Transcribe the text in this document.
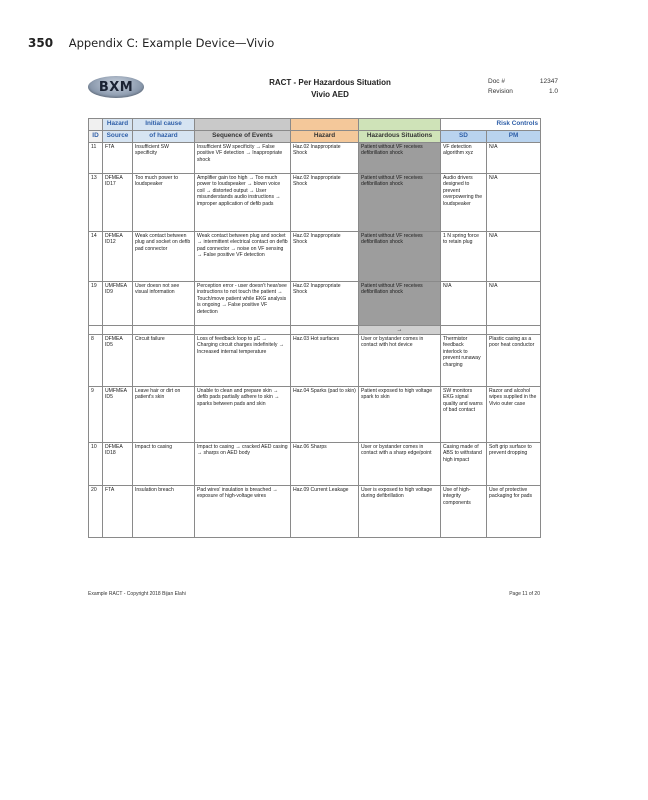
350 Appendix C: Example Device—Vivio
BXM	RACT - Per Hazardous Situation
Vivio AED
Doc #	12347
Revision	1.0
	Hazard	Initial cause				Risk Controls	
ID	Source	of hazard	Sequence of Events	Hazard	Hazardous Situations	SD	PM
11	FTA	Insufficient SW specificity	Insufficient SW specificity → False positive VF detection → Inappropriate shock	Haz.02 Inappropriate Shock	Patient without VF receives defibrillation shock	VF detection algorithm xyz	N/A
13	DFMEA ID17	Too much power to loudspeaker	Amplifier gain too high → Too much power to loudspeaker → blown voice coil → distorted output → User misunderstands audio instructions → improper application of defib pads	Haz.02 Inappropriate Shock	Patient without VF receives defibrillation shock	Audio drivers designed to prevent overpowering the loudspeaker	N/A
14	DFMEA ID12	Weak contact between plug and socket on defib pad connector	Weak contact between plug and socket → intermittent electrical contact on defib pad connector → noise on VF sensing → False positive VF detection	Haz.02 Inappropriate Shock	Patient without VF receives defibrillation shock	1 N spring force to retain plug	N/A
19	UMFMEA ID9	User doesn not see visual information	Perception error - user doesn't hear/see instructions to not touch the patient → Touch/move patient while EKG analysis is ongoing → False positive VF detection	Haz.02 Inappropriate Shock	Patient without VF receives defibrillation shock	N/A	N/A
					→		
8	DFMEA ID5	Circuit failure	Loss of feedback loop to µC → Charging circuit charges indefinitely → Increased internal temperature	Haz.03 Hot surfaces	User or bystander comes in contact with hot device	Thermistor feedback interlock to prevent runaway charging	Plastic casing as a poor heat conductor
9	UMFMEA ID5	Leave hair or dirt on patient's skin	Unable to clean and prepare skin → defib pads partially adhere to skin → sparks between pads and skin	Haz.04 Sparks (pad to skin)	Patient exposed to high voltage spark to skin	SW monitors EKG signal quality and warns of bad contact	Razor and alcohol wipes supplied in the Vivio outer case
10	DFMEA ID18	Impact to casing	Impact to casing → cracked AED casing → sharps on AED body	Haz.06 Sharps	User or bystander comes in contact with a sharp edge/point	Casing made of ABS to withstand high impact	Soft grip surface to prevent dropping
20	FTA	Insulation breach	Pad wires' insulation is breached → exposure of high-voltage wires	Haz.09 Current Leakage	User is exposed to high voltage during defibrillation	Use of high-integrity components	Use of protective packaging for pads
Example RACT - Copyright 2018 Bijan Elahi	Page 11 of 20
